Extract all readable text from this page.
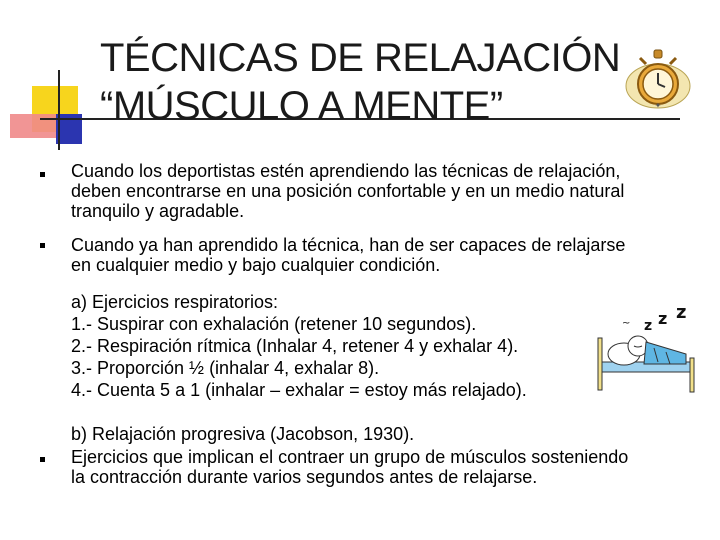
TÉCNICAS DE RELAJACIÓN
“MÚSCULO A MENTE”	✦
~ z z z
Cuando los deportistas estén aprendiendo las técnicas de relajación,
deben encontrarse en una posición confortable y en un medio natural
tranquilo y agradable.
Cuando ya han aprendido la técnica, han de ser capaces de relajarse
en cualquier medio y bajo cualquier condición.
a) Ejercicios respiratorios:
1.- Suspirar con exhalación (retener 10 segundos).
2.- Respiración rítmica (Inhalar 4, retener 4 y exhalar 4).
3.- Proporción ½ (inhalar 4, exhalar 8).
4.- Cuenta 5 a 1 (inhalar – exhalar = estoy más relajado).
b) Relajación progresiva (Jacobson, 1930).
Ejercicios que implican el contraer un grupo de músculos sosteniendo
la contracción durante varios segundos antes de relajarse.
